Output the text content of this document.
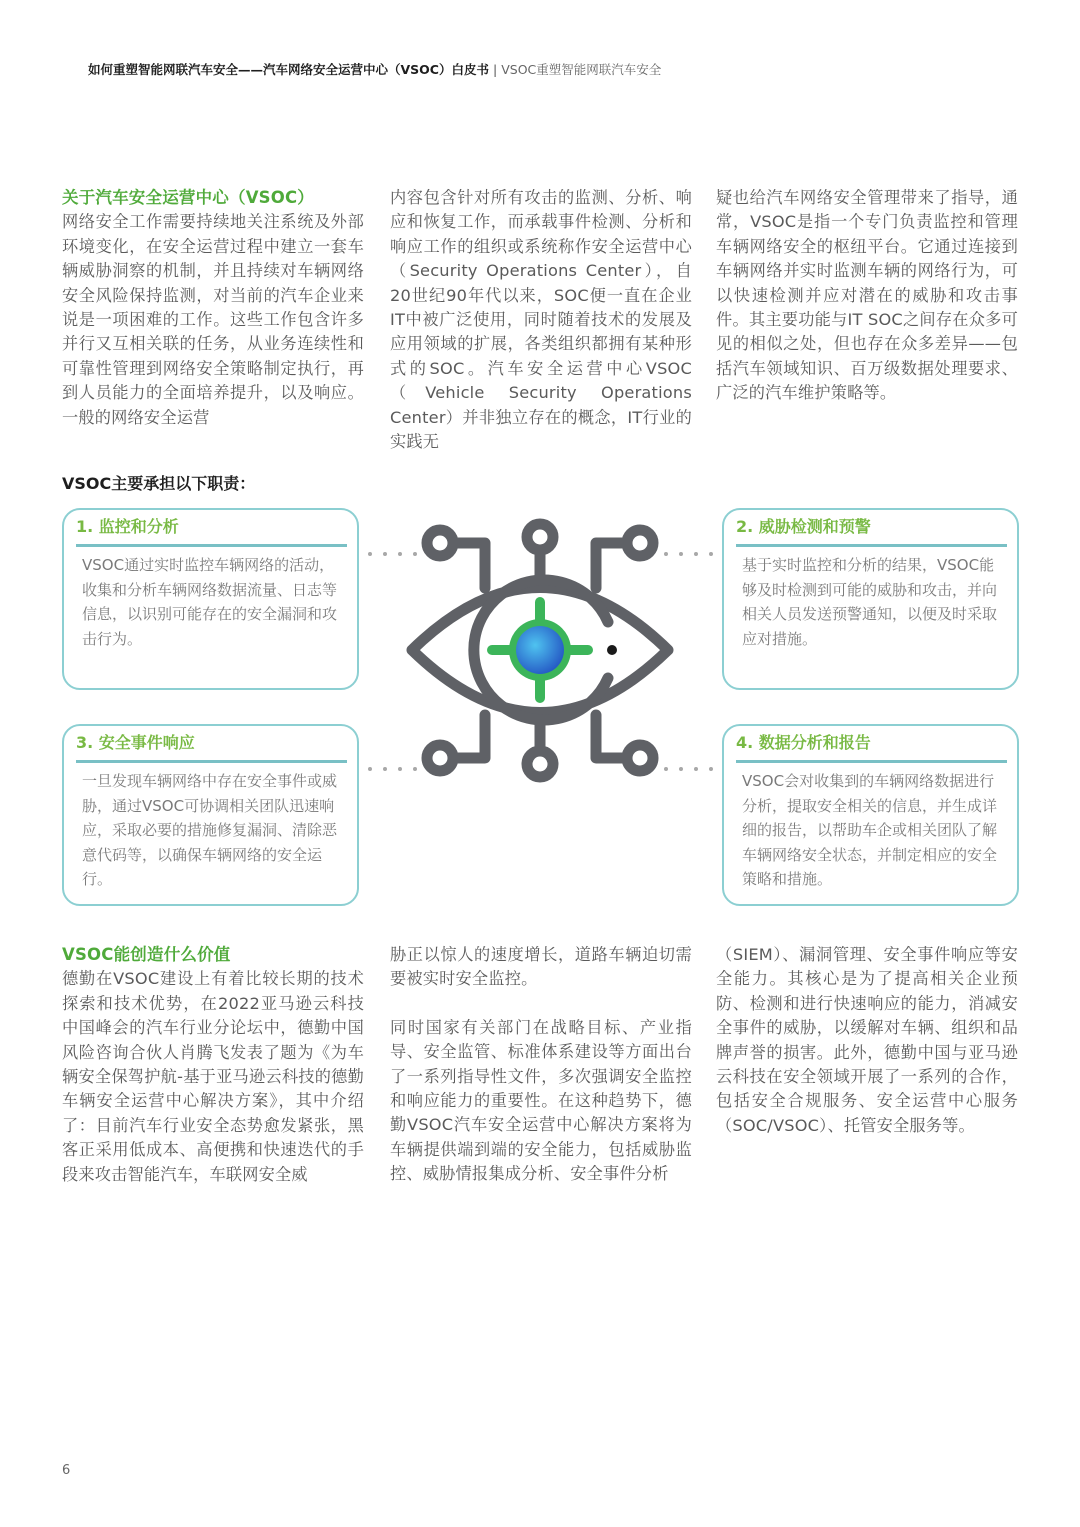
如何重塑智能网联汽车安全——汽车网络安全运营中心（VSOC）白皮书 | VSOC重塑智能网联汽车安全
关于汽车安全运营中心（VSOC）

网络安全工作需要持续地关注系统及外部环境变化，在安全运营过程中建立一套车辆威胁洞察的机制，并且持续对车辆网络安全风险保持监测，对当前的汽车企业来说是一项困难的工作。这些工作包含许多并行又互相关联的任务，从业务连续性和可靠性管理到网络安全策略制定执行，再到人员能力的全面培养提升，以及响应。一般的网络安全运营

内容包含针对所有攻击的监测、分析、响应和恢复工作，而承载事件检测、分析和响应工作的组织或系统称作安全运营中心（Security Operations Center），自20世纪90年代以来，SOC便一直在企业IT中被广泛使用，同时随着技术的发展及应用领域的扩展，各类组织都拥有某种形式的SOC。汽车安全运营中心VSOC（Vehicle Security Operations Center）并非独立存在的概念，IT行业的实践无

疑也给汽车网络安全管理带来了指导，通常，VSOC是指一个专门负责监控和管理车辆网络安全的枢纽平台。它通过连接到车辆网络并实时监测车辆的网络行为，可以快速检测并应对潜在的威胁和攻击事件。其主要功能与IT SOC之间存在众多可见的相似之处，但也存在众多差异——包括汽车领域知识、百万级数据处理要求、广泛的汽车维护策略等。

VSOC主要承担以下职责：
1. 监控和分析
VSOC通过实时监控车辆网络的活动，收集和分析车辆网络数据流量、日志等信息，以识别可能存在的安全漏洞和攻击行为。
2. 威胁检测和预警
基于实时监控和分析的结果，VSOC能够及时检测到可能的威胁和攻击，并向相关人员发送预警通知，以便及时采取应对措施。
3. 安全事件响应
一旦发现车辆网络中存在安全事件或威胁，通过VSOC可协调相关团队迅速响应，采取必要的措施修复漏洞、清除恶意代码等，以确保车辆网络的安全运行。
4. 数据分析和报告
VSOC会对收集到的车辆网络数据进行分析，提取安全相关的信息，并生成详细的报告，以帮助车企或相关团队了解车辆网络安全状态，并制定相应的安全策略和措施。
VSOC能创造什么价值

德勤在VSOC建设上有着比较长期的技术探索和技术优势，在2022亚马逊云科技中国峰会的汽车行业分论坛中，德勤中国风险咨询合伙人肖腾飞发表了题为《为车辆安全保驾护航-基于亚马逊云科技的德勤车辆安全运营中心解决方案》，其中介绍了：目前汽车行业安全态势愈发紧张，黑客正采用低成本、高便携和快速迭代的手段来攻击智能汽车，车联网安全威

胁正以惊人的速度增长，道路车辆迫切需要被实时安全监控。

同时国家有关部门在战略目标、产业指导、安全监管、标准体系建设等方面出台了一系列指导性文件，多次强调安全监控和响应能力的重要性。在这种趋势下，德勤VSOC汽车安全运营中心解决方案将为车辆提供端到端的安全能力，包括威胁监控、威胁情报集成分析、安全事件分析

（SIEM）、漏洞管理、安全事件响应等安全能力。其核心是为了提高相关企业预防、检测和进行快速响应的能力，消减安全事件的威胁，以缓解对车辆、组织和品牌声誉的损害。此外，德勤中国与亚马逊云科技在安全领域开展了一系列的合作，包括安全合规服务、安全运营中心服务（SOC/VSOC）、托管安全服务等。

6
